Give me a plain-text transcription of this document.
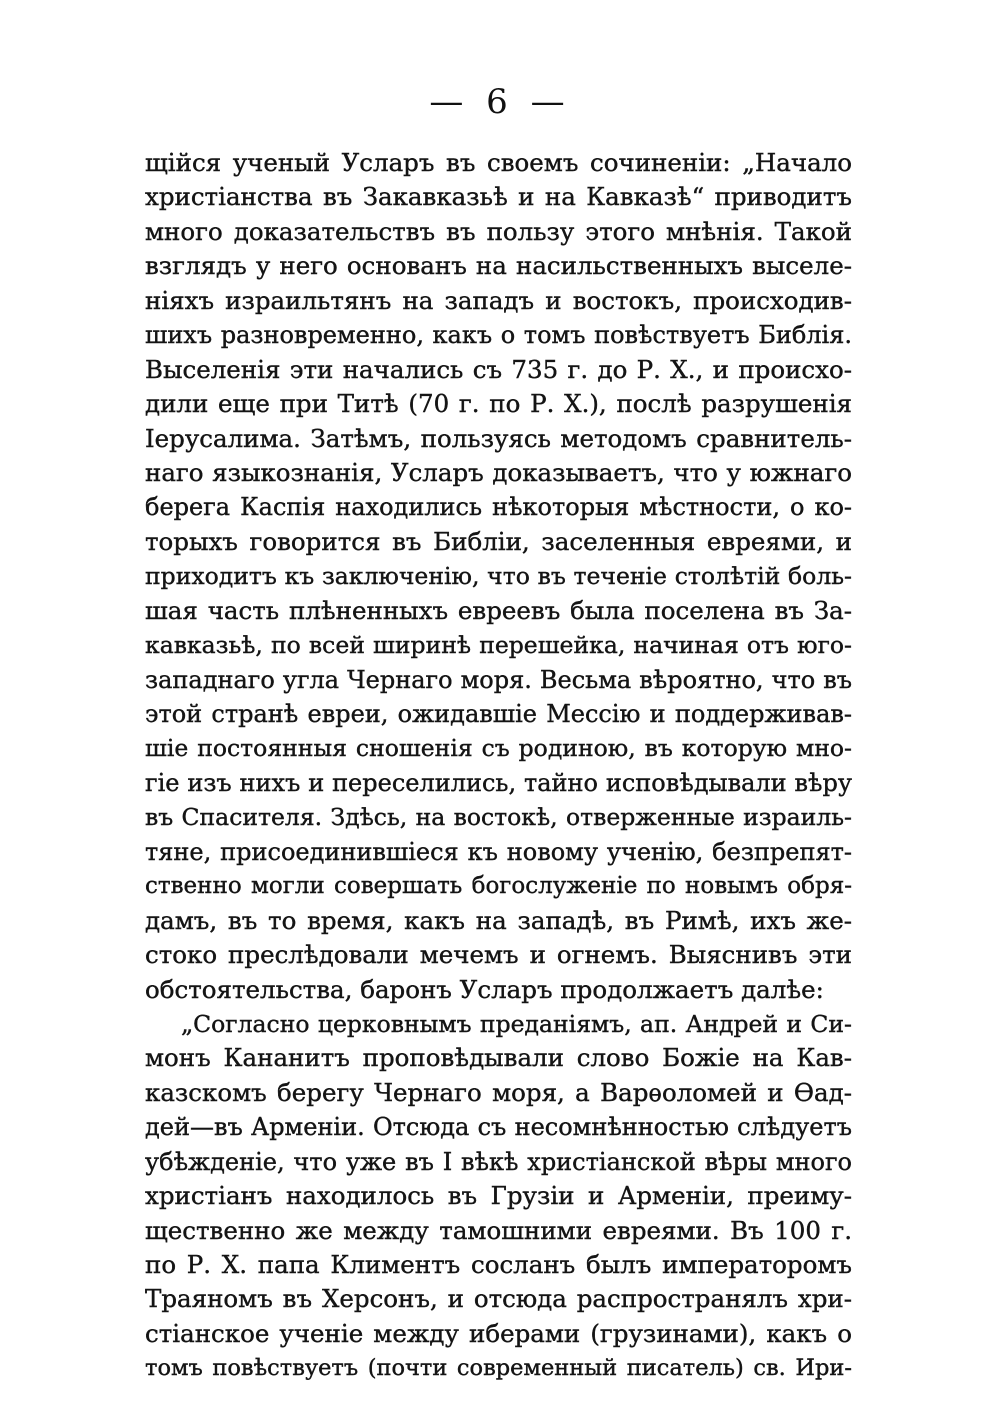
— 6 —
щійся ученый Усларъ въ своемъ сочиненіи: „Начало
христіанства въ Закавказьѣ и на Кавказѣ“ приводитъ
много доказательствъ въ пользу этого мнѣнія. Такой
взглядъ у него основанъ на насильственныхъ выселе-
ніяхъ израильтянъ на западъ и востокъ, происходив-
шихъ разновременно, какъ о томъ повѣствуетъ Библія.
Выселенія эти начались съ 735 г. до Р. Х., и происхо-
дили еще при Титѣ (70 г. по Р. Х.), послѣ разрушенія
Іерусалима. Затѣмъ, пользуясь методомъ сравнитель-
наго языкознанія, Усларъ доказываетъ, что у южнаго
берега Каспія находились нѣкоторыя мѣстности, о ко-
торыхъ говорится въ Библіи, заселенныя евреями, и
приходитъ къ заключенію, что въ теченіе столѣтій боль-
шая часть плѣненныхъ евреевъ была поселена въ За-
кавказьѣ, по всей ширинѣ перешейка, начиная отъ юго-
западнаго угла Чернаго моря. Весьма вѣроятно, что въ
этой странѣ евреи, ожидавшіе Мессію и поддерживав-
шіе постоянныя сношенія съ родиною, въ которую мно-
гіе изъ нихъ и переселились, тайно исповѣдывали вѣру
въ Спасителя. Здѣсь, на востокѣ, отверженные израиль-
тяне, присоединившіеся къ новому ученію, безпрепят-
ственно могли совершать богослуженіе по новымъ обря-
дамъ, въ то время, какъ на западѣ, въ Римѣ, ихъ же-
стоко преслѣдовали мечемъ и огнемъ. Выяснивъ эти
обстоятельства, баронъ Усларъ продолжаетъ далѣе:
„Согласно церковнымъ преданіямъ, ап. Андрей и Си-
монъ Кананитъ проповѣдывали слово Божіе на Кав-
казскомъ берегу Чернаго моря, а Варѳоломей и Ѳад-
дей—въ Арменіи. Отсюда съ несомнѣнностью слѣдуетъ
убѣжденіе, что уже въ I вѣкѣ христіанской вѣры много
христіанъ находилось въ Грузіи и Арменіи, преиму-
щественно же между тамошними евреями. Въ 100 г.
по Р. Х. папа Климентъ сосланъ былъ императоромъ
Траяномъ въ Херсонъ, и отсюда распространялъ хри-
стіанское ученіе между иберами (грузинами), какъ о
томъ повѣствуетъ (почти современный писатель) св. Ири-
